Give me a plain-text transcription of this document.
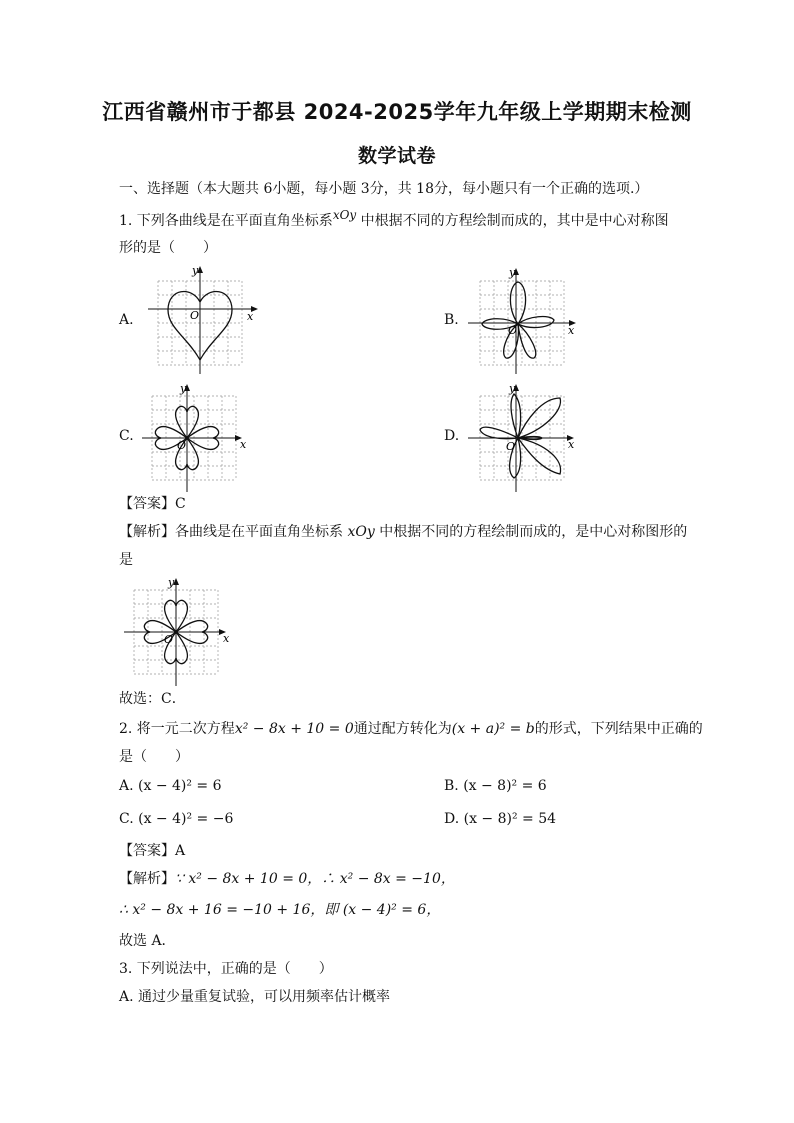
江西省赣州市于都县 2024-2025学年九年级上学期期末检测
数学试卷
一、选择题（本大题共 6小题，每小题 3分，共 18分，每小题只有一个正确的选项.）
1. 下列各曲线是在平面直角坐标系xOy 中根据不同的方程绘制而成的，其中是中心对称图
形的是（　　）
A.	B.
C.	D.
y
x
O
y
x
O
y
x
O
y
x
O
【答案】C
【解析】各曲线是在平面直角坐标系 xOy 中根据不同的方程绘制而成的，是中心对称图形的
是
y
x
O
故选：C．
2. 将一元二次方程x² − 8x + 10 = 0通过配方转化为(x + a)² = b的形式，下列结果中正确的
是（　　）
A. (x − 4)² = 6	B. (x − 8)² = 6
C. (x − 4)² = −6	D. (x − 8)² = 54
【答案】A
【解析】∵ x² − 8x + 10 = 0，∴ x² − 8x = −10，
∴ x² − 8x + 16 = −10 + 16，即 (x − 4)² = 6，
故选 A．
3. 下列说法中，正确的是（　　）
A. 通过少量重复试验，可以用频率估计概率
